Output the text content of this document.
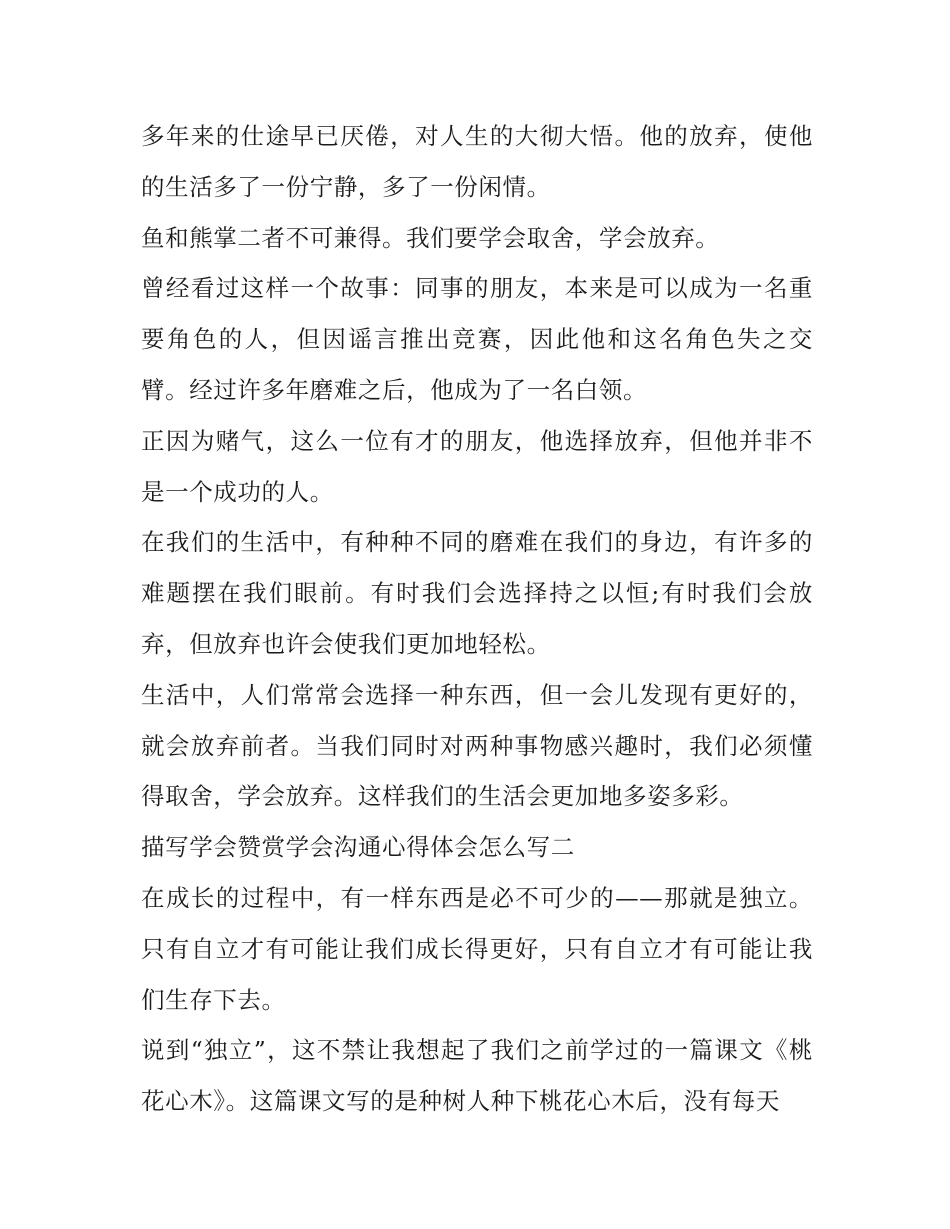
多年来的仕途早已厌倦，对人生的大彻大悟。他的放弃，使他的生活多了一份宁静，多了一份闲情。

鱼和熊掌二者不可兼得。我们要学会取舍，学会放弃。

曾经看过这样一个故事：同事的朋友，本来是可以成为一名重要角色的人，但因谣言推出竞赛，因此他和这名角色失之交臂。经过许多年磨难之后，他成为了一名白领。

正因为赌气，这么一位有才的朋友，他选择放弃，但他并非不是一个成功的人。

在我们的生活中，有种种不同的磨难在我们的身边，有许多的难题摆在我们眼前。有时我们会选择持之以恒;有时我们会放弃，但放弃也许会使我们更加地轻松。

生活中，人们常常会选择一种东西，但一会儿发现有更好的，就会放弃前者。当我们同时对两种事物感兴趣时，我们必须懂得取舍，学会放弃。这样我们的生活会更加地多姿多彩。

描写学会赞赏学会沟通心得体会怎么写二

在成长的过程中，有一样东西是必不可少的——那就是独立。只有自立才有可能让我们成长得更好，只有自立才有可能让我们生存下去。

说到“独立”，这不禁让我想起了我们之前学过的一篇课文《桃花心木》。这篇课文写的是种树人种下桃花心木后，没有每天
